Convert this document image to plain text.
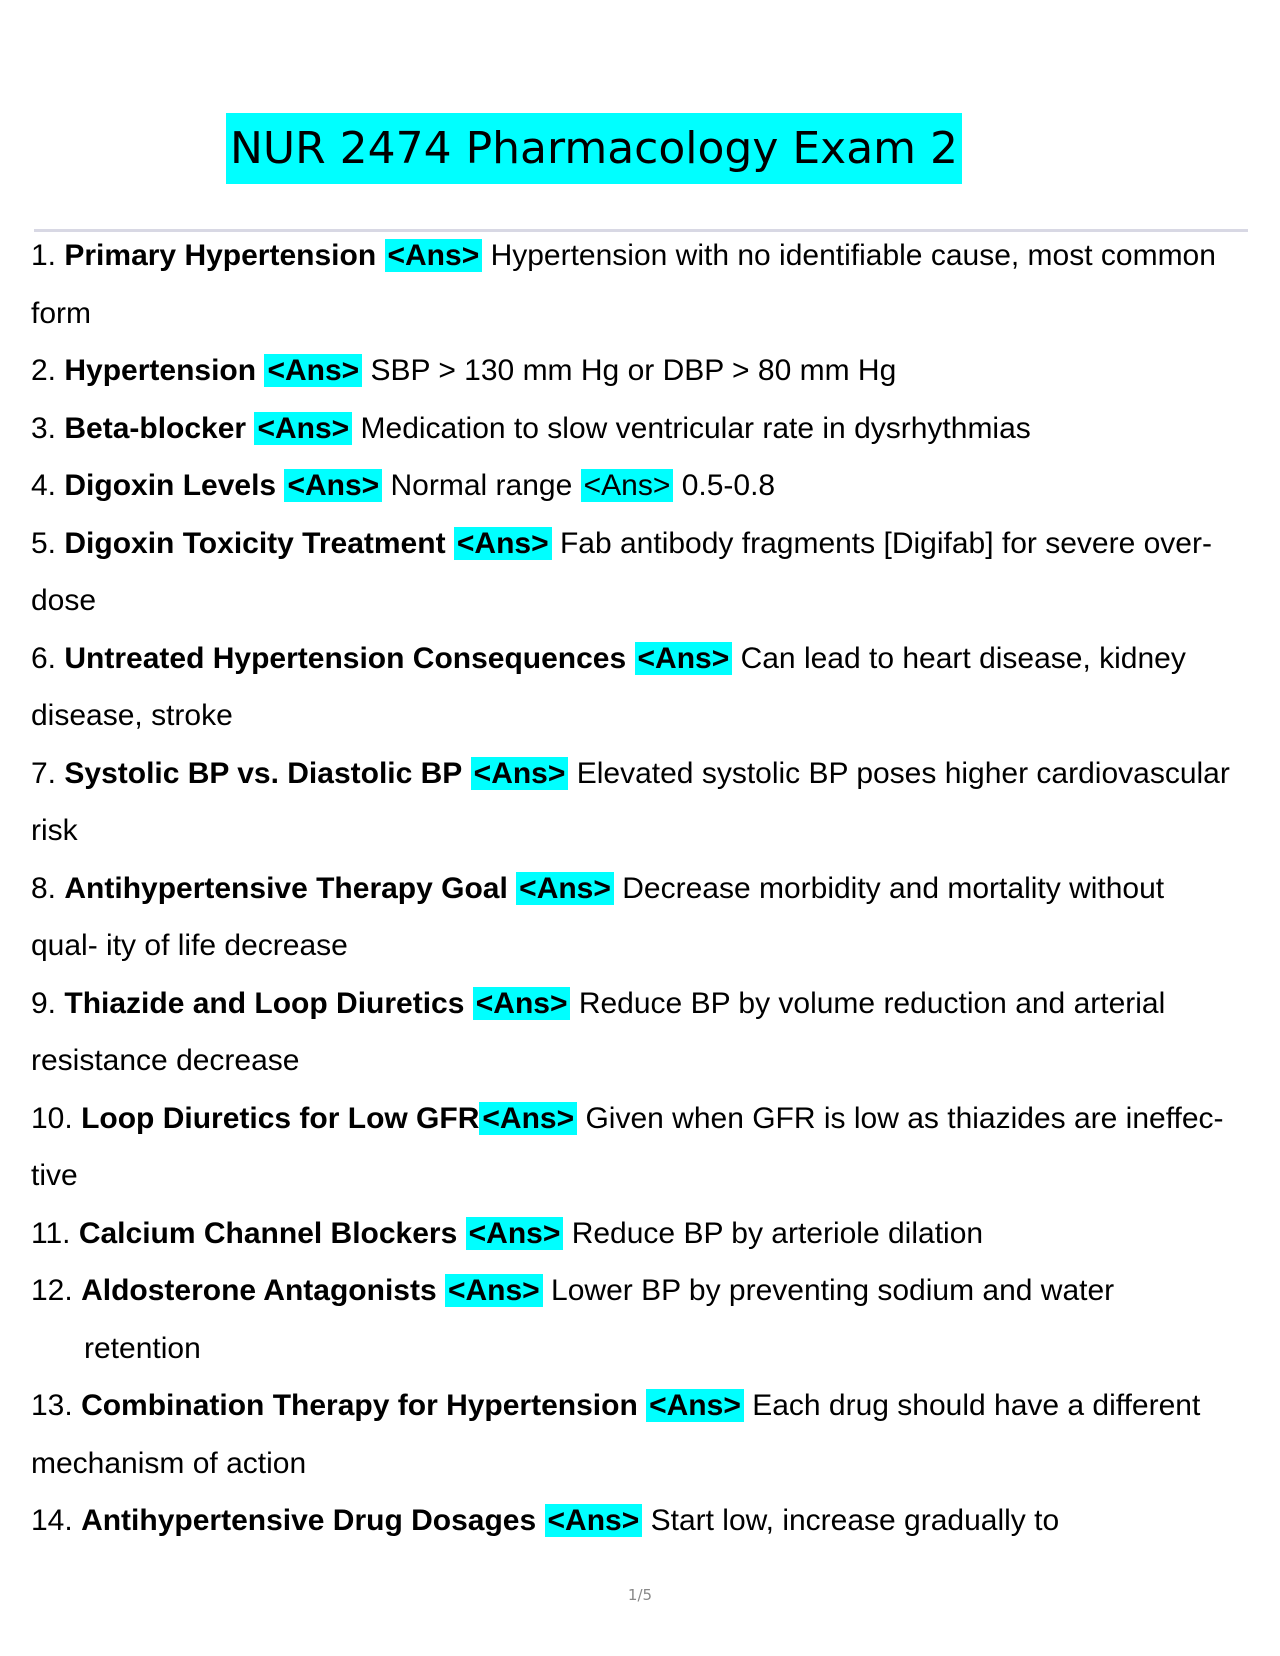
NUR 2474 Pharmacology Exam 2
1. Primary Hypertension <Ans> Hypertension with no identifiable cause, most common form
2. Hypertension <Ans> SBP > 130 mm Hg or DBP > 80 mm Hg
3. Beta-blocker <Ans> Medication to slow ventricular rate in dysrhythmias
4. Digoxin Levels <Ans> Normal range <Ans> 0.5-0.8
5. Digoxin Toxicity Treatment <Ans> Fab antibody fragments [Digifab] for severe over- dose
6. Untreated Hypertension Consequences <Ans> Can lead to heart disease, kidney disease, stroke
7. Systolic BP vs. Diastolic BP <Ans> Elevated systolic BP poses higher cardiovascular risk
8. Antihypertensive Therapy Goal <Ans> Decrease morbidity and mortality without qual- ity of life decrease
9. Thiazide and Loop Diuretics <Ans> Reduce BP by volume reduction and arterial resistance decrease
10. Loop Diuretics for Low GFR <Ans> Given when GFR is low as thiazides are ineffec- tive
11. Calcium Channel Blockers <Ans> Reduce BP by arteriole dilation
12. Aldosterone Antagonists <Ans> Lower BP by preventing sodium and water retention
13. Combination Therapy for Hypertension <Ans> Each drug should have a different mechanism of action
14. Antihypertensive Drug Dosages <Ans> Start low, increase gradually to
1/5
